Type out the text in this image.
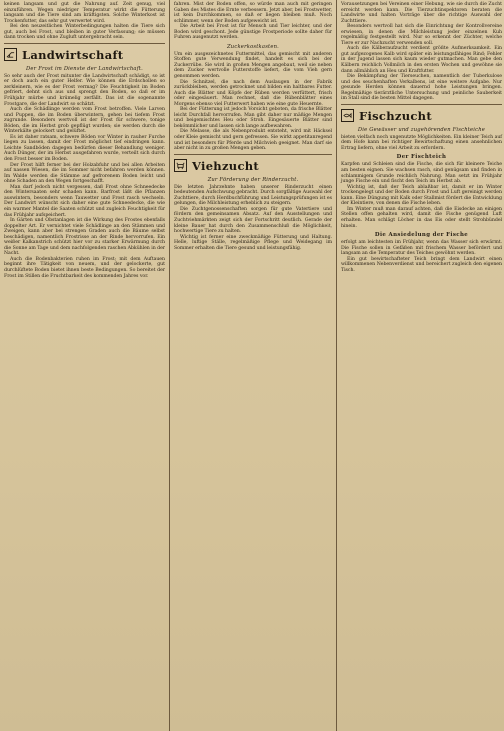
keinen langsam und gut die Nahrung auf. Zeit genug, viel einzuführen. Wegen niedriger Temperatur wirkt die Fütterung langsam und die Tiere sind am kräftigsten. Solche Winterkost ist Trockenfutter, das sehr gut verwertet wird.

Bei den neuzeitlichen Winterbedingungen halten die Tiere sich gut, auch bei Frost, und bleiben in guter Verfassung; sie müssen dann trocken und ohne Zugluft untergebracht sein.

Landwirtschaft
Der Frost im Dienste der Landwirtschaft.

So sehr auch der Frost mitunter die Landwirtschaft schädigt, so ist er doch auch ein guter Helfer. Wie können die Erdschollen so zerkleinern, wie es der Frost vermag? Die Feuchtigkeit im Boden gefriert, dehnt sich aus und sprengt den Boden, so daß er im Frühjahr mürbe und krümelig zerfällt. Das ist die sogenannte Frostgare, die der Landwirt so schätzt.

Auch die Schädlinge werden vom Frost betroffen. Viele Larven und Puppen, die im Boden überwintern, gehen bei tiefem Frost zugrunde. Besonders wertvoll ist der Frost für schwere, tonige Böden, die im Herbst grob gepflügt wurden; sie werden durch die Winterkälte gelockert und gelüftet.

Es ist daher ratsam, schwere Böden vor Winter in rauher Furche liegen zu lassen, damit der Frost möglichst tief eindringen kann. Leichte Sandböden dagegen bedürfen dieser Behandlung weniger. Auch Dünger, der im Herbst ausgefahren wurde, verteilt sich durch den Frost besser im Boden.

Der Frost hilft ferner bei der Holzabfuhr und bei allen Arbeiten auf nassen Wiesen, die im Sommer nicht befahren werden können. Im Walde werden die Stämme auf gefrorenem Boden leicht und ohne Schaden an den Wegen fortgeschafft.

Man darf jedoch nicht vergessen, daß Frost ohne Schneedecke den Wintersaaten sehr schaden kann. Barfrost läßt die Pflanzen auswintern, besonders wenn Tauwetter und Frost rasch wechseln. Der Landwirt wünscht sich daher eine gute Schneedecke, die wie ein warmer Mantel die Saaten schützt und zugleich Feuchtigkeit für das Frühjahr aufspeichert.

In Gärten und Obstanlagen ist die Wirkung des Frostes ebenfalls doppelter Art. Er vernichtet viele Schädlinge an den Stämmen und Zweigen, kann aber bei strengen Graden auch die Bäume selbst beschädigen, namentlich Frostrisse an der Rinde hervorrufen. Ein weißer Kalkanstrich schützt hier vor zu starker Erwärmung durch die Sonne am Tage und dem nachfolgenden raschen Abkühlen in der Nacht.

Auch die Bodenbakterien ruhen im Frost; mit dem Auftauen beginnt ihre Tätigkeit von neuem, und der gelockerte, gut durchlüftete Boden bietet ihnen beste Bedingungen. So bereitet der Frost im Stillen die Fruchtbarkeit des kommenden Jahres vor.

fahren. Mist der Boden offen, so würde man auch mit geringen Gaben des Mistes die Ernte verbessern. Jetzt aber, bei Frostwetter, ist kein Durchkommen, so daß er liegen bleiben muß. Noch schlimmer, wenn der Boden aufgeweicht ist.

Die Arbeit bei Frost ist für Mensch und Tier leichter, und der Boden wird geschont. Jede günstige Frostperiode sollte daher für Fuhren ausgenutzt werden.

Zuckerkostkasten.

Um ein ausgezeichnetes Futtermittel, das gemischt mit anderen Stoffen gute Verwendung findet, handelt es sich bei der Zuckerrübe. Sie wird in großen Mengen angebaut, weil sie neben dem Zucker wertvolle Futterstoffe liefert, die vom Vieh gern genommen werden.

Die Schnitzel, die nach dem Auslaugen in der Fabrik zurückbleiben, werden getrocknet und bilden ein haltbares Futter. Auch die Blätter und Köpfe der Rüben werden verfüttert, frisch oder eingesäuert. Man rechnet, daß die Rübenblätter eines Morgens ebenso viel Futterwert haben wie eine gute Heuernte.

Bei der Fütterung ist jedoch Vorsicht geboten, da frische Blätter leicht Durchfall hervorrufen. Man gibt daher nur mäßige Mengen und beigemischtes Heu oder Stroh. Eingesäuerte Blätter sind bekömmlicher und lassen sich lange aufbewahren.

Die Melasse, die als Nebenprodukt entsteht, wird mit Häcksel oder Kleie gemischt und gern gefressen. Sie wirkt appetitanregend und ist besonders für Pferde und Milchvieh geeignet. Man darf sie aber nicht in zu großen Mengen geben.

Viehzucht
Zur Förderung der Rinderzucht.

Die letzten Jahrzehnte haben unserer Rinderzucht einen bedeutenden Aufschwung gebracht. Durch sorgfältige Auswahl der Zuchttiere, durch Herdbuchführung und Leistungsprüfungen ist es gelungen, die Milchleistung erheblich zu steigern.

Die Zuchtgenossenschaften sorgen für gute Vatertiere und fördern den gemeinsamen Absatz. Auf den Ausstellungen und Zuchtviehmärkten zeigt sich der Fortschritt deutlich. Gerade der kleine Bauer hat durch den Zusammenschluß die Möglichkeit, hochwertige Tiere zu halten.

Wichtig ist ferner eine zweckmäßige Fütterung und Haltung. Helle, luftige Ställe, regelmäßige Pflege und Weidegang im Sommer erhalten die Tiere gesund und leistungsfähig.

Vorausetzungen bei Vereinen einer Hebung, wie sie durch die Zucht erreicht werden kann. Die Tierzuchtinspektoren beraten die Landwirte und halten Vorträge über die richtige Auswahl der Zuchttiere.

Besonders wertvoll hat sich die Einrichtung der Kontrollvereine erwiesen, in denen die Milchleistung jeder einzelnen Kuh regelmäßig festgestellt wird. Nur so erkennt der Züchter, welche Tiere er zur Nachzucht verwenden soll.

Auch die Kälberaufzucht verdient größte Aufmerksamkeit. Ein gut aufgezogenes Kalb wird später ein leistungsfähiges Rind; Fehler in der Jugend lassen sich kaum wieder gutmachen. Man gebe den Kälbern reichlich Vollmilch in den ersten Wochen und gewöhne sie dann allmählich an Heu und Kraftfutter.

Die Bekämpfung der Tierseuchen, namentlich der Tuberkulose und des seuchenhaften Verkalbens, ist eine weitere Aufgabe. Nur gesunde Herden können dauernd hohe Leistungen bringen. Regelmäßige tierärztliche Untersuchung und peinliche Sauberkeit im Stall sind die besten Mittel dagegen.

Fischzucht
Die Gewässer und zugehörenden Fischteiche

bieten vielfach noch ungenutzte Möglichkeiten. Ein kleiner Teich auf dem Hofe kann bei richtiger Bewirtschaftung einen ansehnlichen Ertrag liefern, ohne viel Arbeit zu erfordern.

Der Fischteich

Karpfen und Schleien sind die Fische, die sich für kleinere Teiche am besten eignen. Sie wachsen rasch, sind genügsam und finden in schlammigem Grunde reichlich Nahrung. Man setzt im Frühjahr junge Fische ein und fischt den Teich im Herbst ab.

Wichtig ist, daß der Teich ablaßbar ist, damit er im Winter trockengelegt und der Boden durch Frost und Luft gereinigt werden kann. Eine Düngung mit Kalk oder Stallmist fördert die Entwicklung der Kleintiere, von denen die Fische leben.

Im Winter muß man darauf achten, daß die Eisdecke an einigen Stellen offen gehalten wird, damit die Fische genügend Luft erhalten. Man schlägt Löcher in das Eis oder stellt Strohbündel hinein.

Die Ansiedelung der Fische

erfolgt am leichtesten im Frühjahr, wenn das Wasser sich erwärmt. Die Fische sollen in Gefäßen mit frischem Wasser befördert und langsam an die Temperatur des Teiches gewöhnt werden.

Ein gut bewirtschafteter Teich bringt dem Landwirt einen willkommenen Nebenverdienst und bereichert zugleich den eigenen Tisch.
